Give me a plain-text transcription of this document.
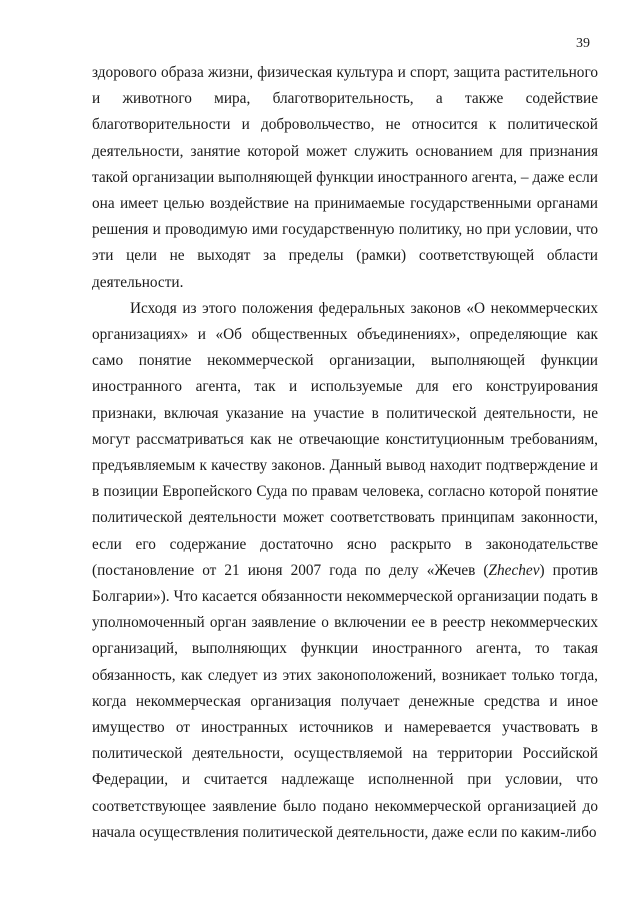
39

здорового образа жизни, физическая культура и спорт, защита растительного и животного мира, благотворительность, а также содействие благотворительности и добровольчество, не относится к политической деятельности, занятие которой может служить основанием для признания такой организации выполняющей функции иностранного агента, – даже если она имеет целью воздействие на принимаемые государственными органами решения и проводимую ими государственную политику, но при условии, что эти цели не выходят за пределы (рамки) соответствующей области деятельности.

Исходя из этого положения федеральных законов «О некоммерческих организациях» и «Об общественных объединениях», определяющие как само понятие некоммерческой организации, выполняющей функции иностранного агента, так и используемые для его конструирования признаки, включая указание на участие в политической деятельности, не могут рассматриваться как не отвечающие конституционным требованиям, предъявляемым к качеству законов. Данный вывод находит подтверждение и в позиции Европейского Суда по правам человека, согласно которой понятие политической деятельности может соответствовать принципам законности, если его содержание достаточно ясно раскрыто в законодательстве (постановление от 21 июня 2007 года по делу «Жечев (Zhechev) против Болгарии»). Что касается обязанности некоммерческой организации подать в уполномоченный орган заявление о включении ее в реестр некоммерческих организаций, выполняющих функции иностранного агента, то такая обязанность, как следует из этих законоположений, возникает только тогда, когда некоммерческая организация получает денежные средства и иное имущество от иностранных источников и намеревается участвовать в политической деятельности, осуществляемой на территории Российской Федерации, и считается надлежаще исполненной при условии, что соответствующее заявление было подано некоммерческой организацией до начала осуществления политической деятельности, даже если по каким-либо
